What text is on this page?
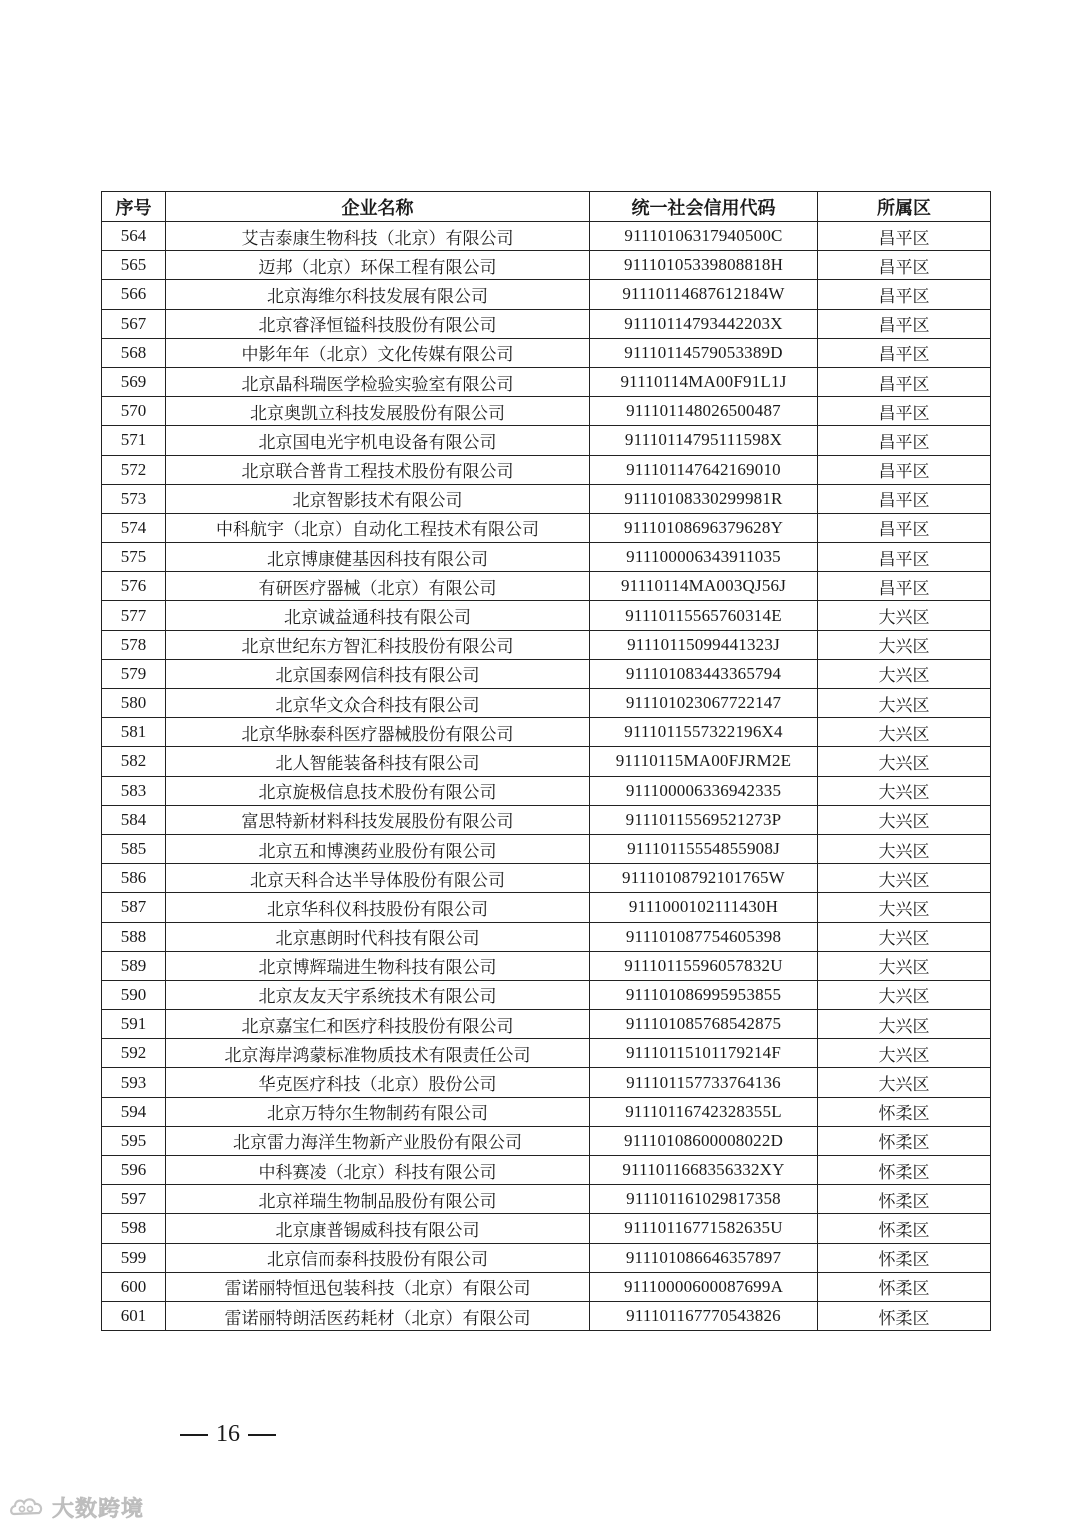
序号	企业名称	统一社会信用代码	所属区
564	艾吉泰康生物科技（北京）有限公司	91110106317940500C	昌平区
565	迈邦（北京）环保工程有限公司	91110105339808818H	昌平区
566	北京海维尔科技发展有限公司	91110114687612184W	昌平区
567	北京睿泽恒镒科技股份有限公司	91110114793442203X	昌平区
568	中影年年（北京）文化传媒有限公司	91110114579053389D	昌平区
569	北京晶科瑞医学检验实验室有限公司	91110114MA00F91L1J	昌平区
570	北京奥凯立科技发展股份有限公司	911101148026500487	昌平区
571	北京国电光宇机电设备有限公司	91110114795111598X	昌平区
572	北京联合普肯工程技术股份有限公司	911101147642169010	昌平区
573	北京智影技术有限公司	91110108330299981R	昌平区
574	中科航宇（北京）自动化工程技术有限公司	91110108696379628Y	昌平区
575	北京博康健基因科技有限公司	911100006343911035	昌平区
576	有研医疗器械（北京）有限公司	91110114MA003QJ56J	昌平区
577	北京诚益通科技有限公司	91110115565760314E	大兴区
578	北京世纪东方智汇科技股份有限公司	91110115099441323J	大兴区
579	北京国泰网信科技有限公司	911101083443365794	大兴区
580	北京华文众合科技有限公司	911101023067722147	大兴区
581	北京华脉泰科医疗器械股份有限公司	9111011557322196X4	大兴区
582	北人智能装备科技有限公司	91110115MA00FJRM2E	大兴区
583	北京旋极信息技术股份有限公司	911100006336942335	大兴区
584	富思特新材料科技发展股份有限公司	91110115569521273P	大兴区
585	北京五和博澳药业股份有限公司	91110115554855908J	大兴区
586	北京天科合达半导体股份有限公司	91110108792101765W	大兴区
587	北京华科仪科技股份有限公司	9111000102111430H	大兴区
588	北京惠朗时代科技有限公司	911101087754605398	大兴区
589	北京博辉瑞进生物科技有限公司	91110115596057832U	大兴区
590	北京友友天宇系统技术有限公司	911101086995953855	大兴区
591	北京嘉宝仁和医疗科技股份有限公司	911101085768542875	大兴区
592	北京海岸鸿蒙标准物质技术有限责任公司	91110115101179214F	大兴区
593	华克医疗科技（北京）股份公司	911101157733764136	大兴区
594	北京万特尔生物制药有限公司	91110116742328355L	怀柔区
595	北京雷力海洋生物新产业股份有限公司	91110108600008022D	怀柔区
596	中科赛凌（北京）科技有限公司	9111011668356332XY	怀柔区
597	北京祥瑞生物制品股份有限公司	911101161029817358	怀柔区
598	北京康普锡威科技有限公司	91110116771582635U	怀柔区
599	北京信而泰科技股份有限公司	911101086646357897	怀柔区
600	雷诺丽特恒迅包装科技（北京）有限公司	91110000600087699A	怀柔区
601	雷诺丽特朗活医药耗材（北京）有限公司	911101167770543826	怀柔区
16
大数跨境
